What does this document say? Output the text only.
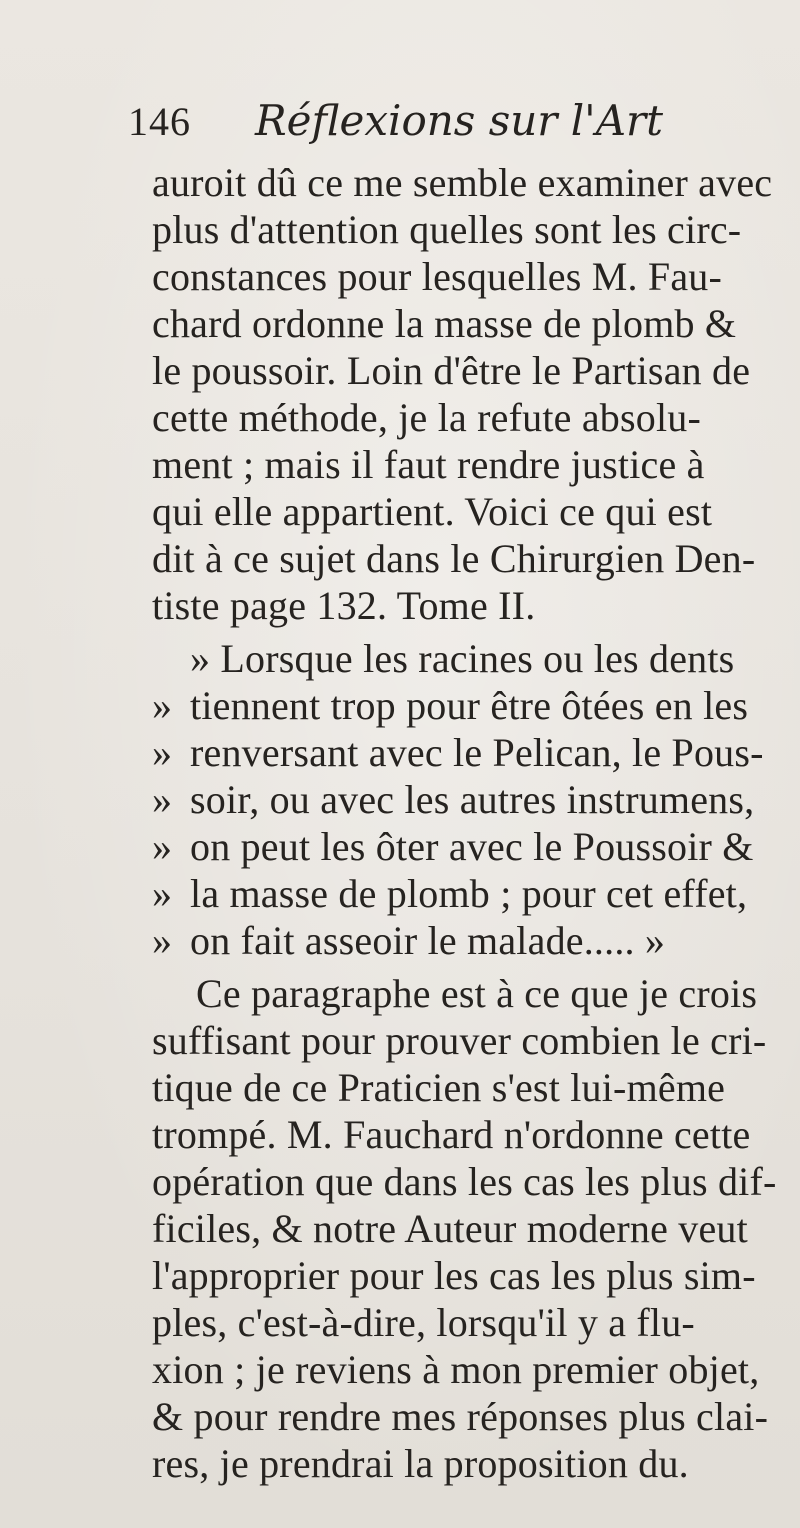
146 Réflexions sur l'Art
auroit dû ce me semble examiner avec
plus d'attention quelles sont les circ-
constances pour lesquelles M. Fau-
chard ordonne la masse de plomb &
le poussoir. Loin d'être le Partisan de
cette méthode, je la refute absolu-
ment ; mais il faut rendre justice à
qui elle appartient. Voici ce qui est
dit à ce sujet dans le Chirurgien Den-
tiste page 132. Tome II.
» Lorsque les racines ou les dents
» tiennent trop pour être ôtées en les
» renversant avec le Pelican, le Pous-
» soir, ou avec les autres instrumens,
» on peut les ôter avec le Poussoir &
» la masse de plomb ; pour cet effet,
» on fait asseoir le malade..... »
Ce paragraphe est à ce que je crois
suffisant pour prouver combien le cri-
tique de ce Praticien s'est lui-même
trompé. M. Fauchard n'ordonne cette
opération que dans les cas les plus dif-
ficiles, & notre Auteur moderne veut
l'approprier pour les cas les plus sim-
ples, c'est-à-dire, lorsqu'il y a flu-
xion ; je reviens à mon premier objet,
& pour rendre mes réponses plus clai-
res, je prendrai la proposition du.
